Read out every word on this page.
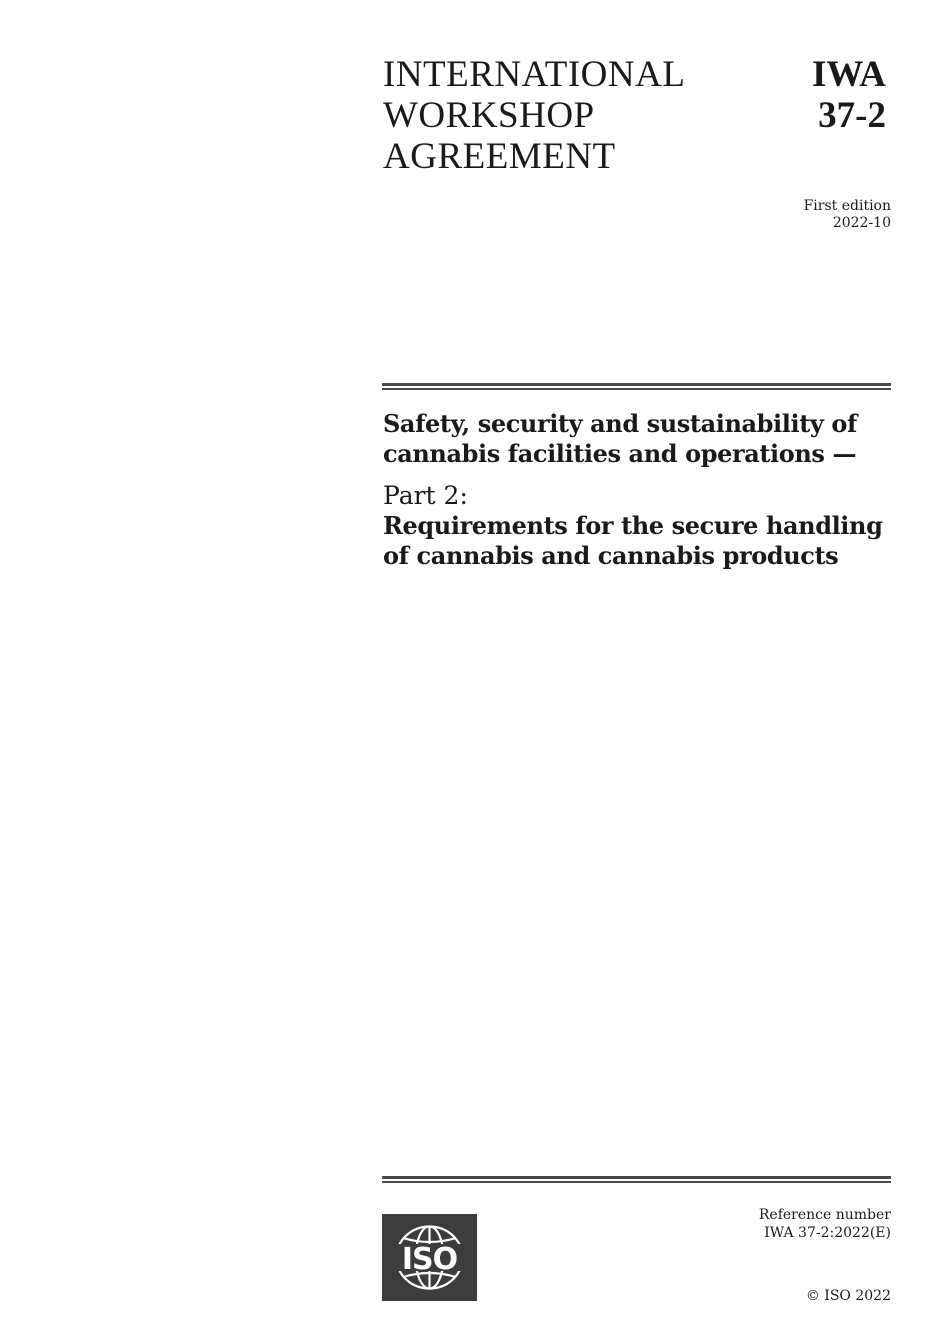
INTERNATIONAL
WORKSHOP
AGREEMENT
IWA
37-2
First edition
2022-10

Safety, security and sustainability of
cannabis facilities and operations —

Part 2:

Requirements for the secure handling
of cannabis and cannabis products

Reference number
IWA 37-2:2022(E)
© ISO 2022
ISO
